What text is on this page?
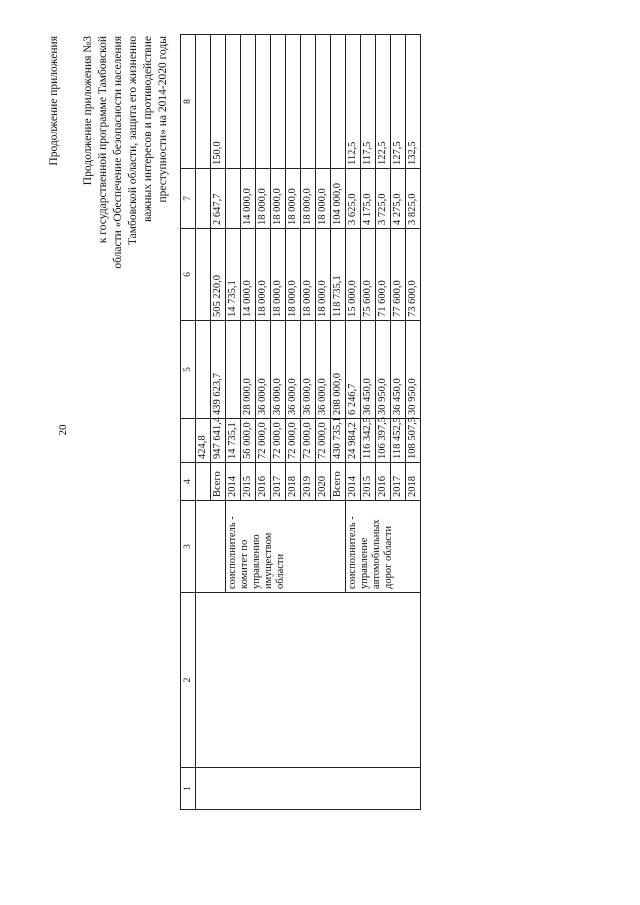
20
Продолжение приложения Продолжение приложения №3 к государственной программе Тамбовской области «Обеспечение безопасности населения Тамбовской области, защита его жизненно важных интересов и противодействие преступности» на 2014-2020 годы
1	2	3	4		5	6	7	8
				424,8				
			Всего	947 641,4	439 623,7	505 220,0	2 647,7	150,0
		соисполнитель - комитет по управлению имуществом области	2014	14 735,1		14 735,1		
			2015	56 000,0	28 000,0	14 000,0	14 000,0	
			2016	72 000,0	36 000,0	18 000,0	18 000,0	
			2017	72 000,0	36 000,0	18 000,0	18 000,0	
			2018	72 000,0	36 000,0	18 000,0	18 000,0	
			2019	72 000,0	36 000,0	18 000,0	18 000,0	
			2020	72 000,0	36 000,0	18 000,0	18 000,0	
			Всего	430 735,1	208 000,0	118 735,1	104 000,0	
		соисполнитель - управление автомобильных дорог области	2014	24 984,2	6 246,7	15 000,0	3 625,0	112,5
			2015	116 342,5	36 450,0	75 600,0	4 175,0	117,5
			2016	106 397,5	30 950,0	71 600,0	3 725,0	122,5
			2017	118 452,5	36 450,0	77 600,0	4 275,0	127,5
			2018	108 507,5	30 950,0	73 600,0	3 825,0	132,5
